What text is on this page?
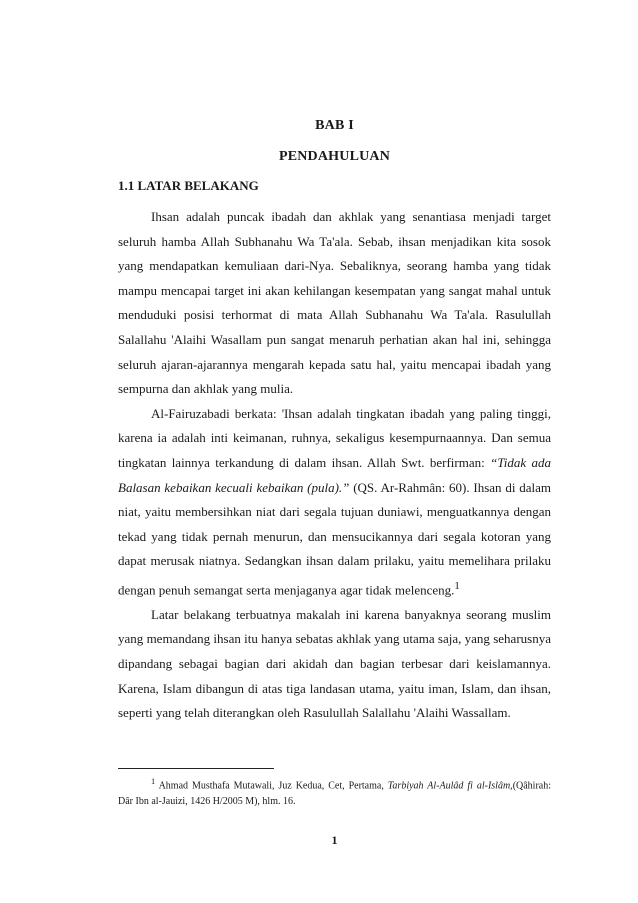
BAB I
PENDAHULUAN
1.1 LATAR BELAKANG

Ihsan adalah puncak ibadah dan akhlak yang senantiasa menjadi target seluruh hamba Allah Subhanahu Wa Ta'ala. Sebab, ihsan menjadikan kita sosok yang mendapatkan kemuliaan dari-Nya. Sebaliknya, seorang hamba yang tidak mampu mencapai target ini akan kehilangan kesempatan yang sangat mahal untuk menduduki posisi terhormat di mata Allah Subhanahu Wa Ta'ala. Rasulullah Salallahu 'Alaihi Wasallam pun sangat menaruh perhatian akan hal ini, sehingga seluruh ajaran-ajarannya mengarah kepada satu hal, yaitu mencapai ibadah yang sempurna dan akhlak yang mulia.

Al-Fairuzabadi berkata: 'Ihsan adalah tingkatan ibadah yang paling tinggi, karena ia adalah inti keimanan, ruhnya, sekaligus kesempurnaannya. Dan semua tingkatan lainnya terkandung di dalam ihsan. Allah Swt. berfirman: “Tidak ada Balasan kebaikan kecuali kebaikan (pula).” (QS. Ar-Rahmân: 60). Ihsan di dalam niat, yaitu membersihkan niat dari segala tujuan duniawi, menguatkannya dengan tekad yang tidak pernah menurun, dan mensucikannya dari segala kotoran yang dapat merusak niatnya. Sedangkan ihsan dalam prilaku, yaitu memelihara prilaku dengan penuh semangat serta menjaganya agar tidak melenceng.$^1$

Latar belakang terbuatnya makalah ini karena banyaknya seorang muslim yang memandang ihsan itu hanya sebatas akhlak yang utama saja, yang seharusnya dipandang sebagai bagian dari akidah dan bagian terbesar dari keislamannya. Karena, Islam dibangun di atas tiga landasan utama, yaitu iman, Islam, dan ihsan, seperti yang telah diterangkan oleh Rasulullah Salallahu 'Alaihi Wassallam.

$^1$ Ahmad Musthafa Mutawali, Juz Kedua, Cet, Pertama, Tarbiyah Al-Aulâd fi al-Islâm,(Qâhirah: Dâr Ibn al-Jauizi, 1426 H/2005 M), hlm. 16.
1
